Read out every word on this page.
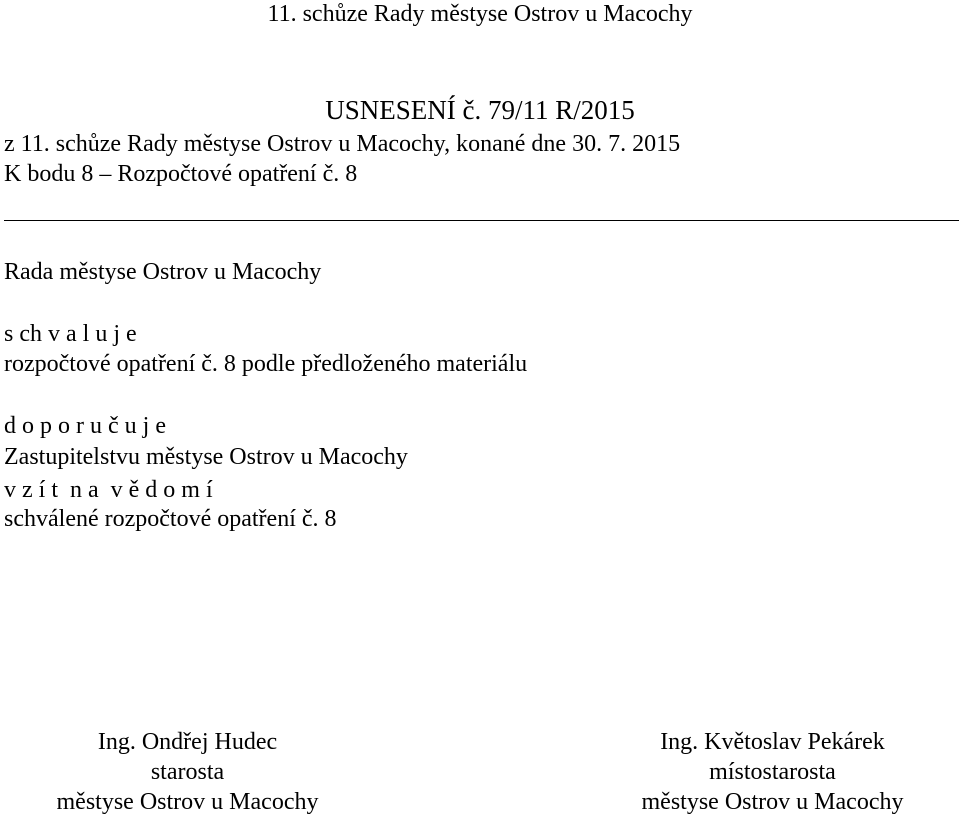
11. schůze Rady městyse Ostrov u Macochy
USNESENÍ č. 79/11 R/2015
z 11. schůze Rady městyse Ostrov u Macochy, konané dne 30. 7. 2015
K bodu 8 – Rozpočtové opatření č. 8
Rada městyse Ostrov u Macochy
s ch v a l u j e
rozpočtové opatření č. 8 podle předloženého materiálu
d o p o r u č u j e
Zastupitelstvu městyse Ostrov u Macochy
v z í t  n a  v ě d o m í
schválené rozpočtové opatření č. 8
Ing. Ondřej Hudec
starosta
městyse Ostrov u Macochy
Ing. Květoslav Pekárek
místostarosta
městyse Ostrov u Macochy
